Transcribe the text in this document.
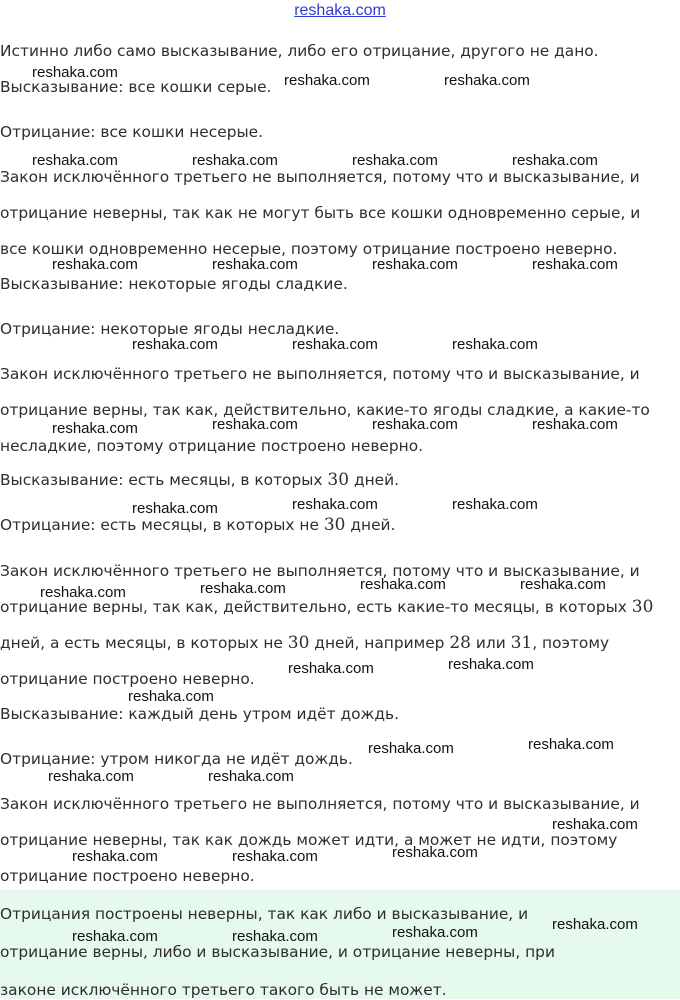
reshaka.com
Истинно либо само высказывание, либо его отрицание, другого не дано.
Высказывание: все кошки серые.
Отрицание: все кошки несерые.
Закон исключённого третьего не выполняется, потому что и высказывание, и
отрицание неверны, так как не могут быть все кошки одновременно серые, и
все кошки одновременно несерые, поэтому отрицание построено неверно.
Высказывание: некоторые ягоды сладкие.
Отрицание: некоторые ягоды несладкие.
Закон исключённого третьего не выполняется, потому что и высказывание, и
отрицание верны, так как, действительно, какие-то ягоды сладкие, а какие-то
несладкие, поэтому отрицание построено неверно.
Высказывание: есть месяцы, в которых 30 дней.
Отрицание: есть месяцы, в которых не 30 дней.
Закон исключённого третьего не выполняется, потому что и высказывание, и
отрицание верны, так как, действительно, есть какие-то месяцы, в которых 30
дней, а есть месяцы, в которых не 30 дней, например 28 или 31, поэтому
отрицание построено неверно.
Высказывание: каждый день утром идёт дождь.
Отрицание: утром никогда не идёт дождь.
Закон исключённого третьего не выполняется, потому что и высказывание, и
отрицание неверны, так как дождь может идти, а может не идти, поэтому
отрицание построено неверно.
Отрицания построены неверны, так как либо и высказывание, и
отрицание верны, либо и высказывание, и отрицание неверны, при
законе исключённого третьего такого быть не может.
reshaka.com	reshaka.com	reshaka.com
reshaka.com	reshaka.com	reshaka.com	reshaka.com
reshaka.com	reshaka.com	reshaka.com	reshaka.com
reshaka.com	reshaka.com	reshaka.com
reshaka.com	reshaka.com	reshaka.com	reshaka.com
reshaka.com	reshaka.com	reshaka.com
reshaka.com	reshaka.com	reshaka.com	reshaka.com
reshaka.com	reshaka.com
reshaka.com
reshaka.com	reshaka.com
reshaka.com	reshaka.com
reshaka.com
reshaka.com	reshaka.com	reshaka.com
reshaka.com
reshaka.com	reshaka.com	reshaka.com
